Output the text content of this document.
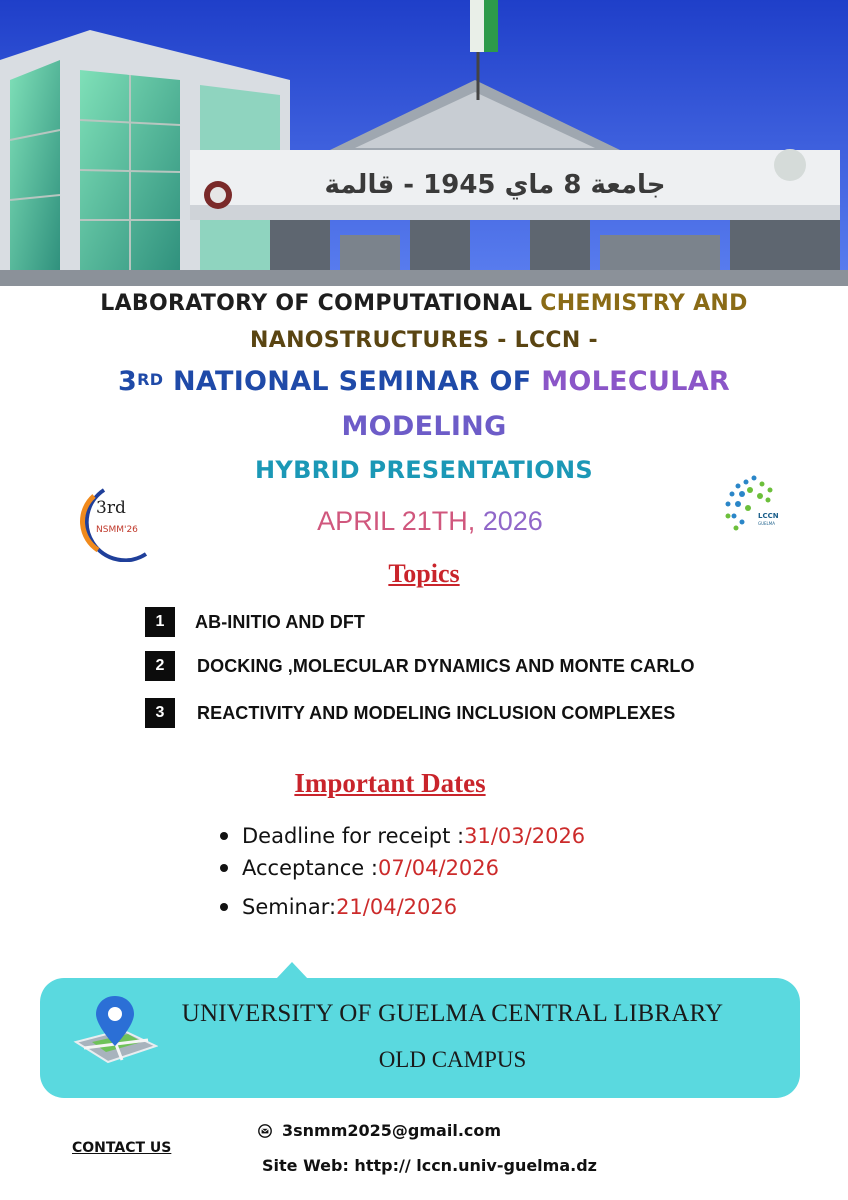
جامعة 8 ماي 1945 - قالمة
LABORATORY OF COMPUTATIONAL CHEMISTRY AND
NANOSTRUCTURES - LCCN -
3RD NATIONAL SEMINAR OF MOLECULAR
MODELING
HYBRID PRESENTATIONS
APRIL 21TH, 2026
3rd
NSMM'26
LCCN
GUELMA
Topics
1	AB-INITIO AND DFT
2	DOCKING ,MOLECULAR DYNAMICS AND MONTE CARLO
3	REACTIVITY AND MODELING INCLUSION COMPLEXES
Important Dates
Deadline for receipt : 31/03/2026
Acceptance : 07/04/2026
Seminar: 21/04/2026
UNIVERSITY OF GUELMA CENTRAL LIBRARY
OLD CAMPUS
3snmm2025@gmail.com
CONTACT US
Site Web: http:// lccn.univ-guelma.dz
